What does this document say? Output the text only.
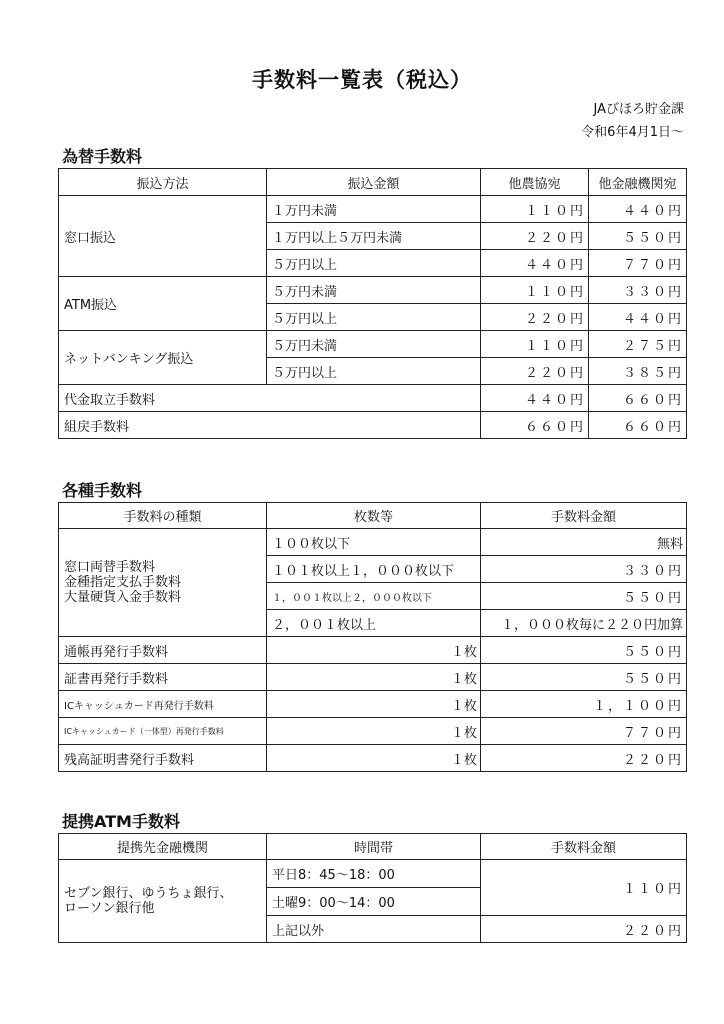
手数料一覧表（税込）
JAびほろ貯金課
令和6年4月1日～
為替手数料
振込方法	振込金額	他農協宛	他金融機関宛
窓口振込	１万円未満	１１０円	４４０円
	１万円以上５万円未満	２２０円	５５０円
	５万円以上	４４０円	７７０円
ATM振込	５万円未満	１１０円	３３０円
	５万円以上	２２０円	４４０円
ネットバンキング振込	５万円未満	１１０円	２７５円
	５万円以上	２２０円	３８５円
代金取立手数料		４４０円	６６０円
組戻手数料		６６０円	６６０円
各種手数料
手数料の種類	枚数等	手数料金額

窓口両替手数料
金種指定支払手数料
大量硬貨入金手数料	１００枚以下	無料
	１０１枚以上１，０００枚以下	３３０円
	１，００１枚以上２，０００枚以下	５５０円
	２，００１枚以上	１，０００枚毎に２２０円加算
通帳再発行手数料	１枚	５５０円
証書再発行手数料	１枚	５５０円
ICキャッシュカード再発行手数料	１枚	１，１００円
ICキャッシュカード（一体型）再発行手数料	１枚	７７０円
残高証明書発行手数料	１枚	２２０円
提携ATM手数料
提携先金融機関	時間帯	手数料金額

セブン銀行、ゆうちょ銀行、
ローソン銀行他	平日8：45～18：00	１１０円
	土曜9：00～14：00	
	上記以外	２２０円
